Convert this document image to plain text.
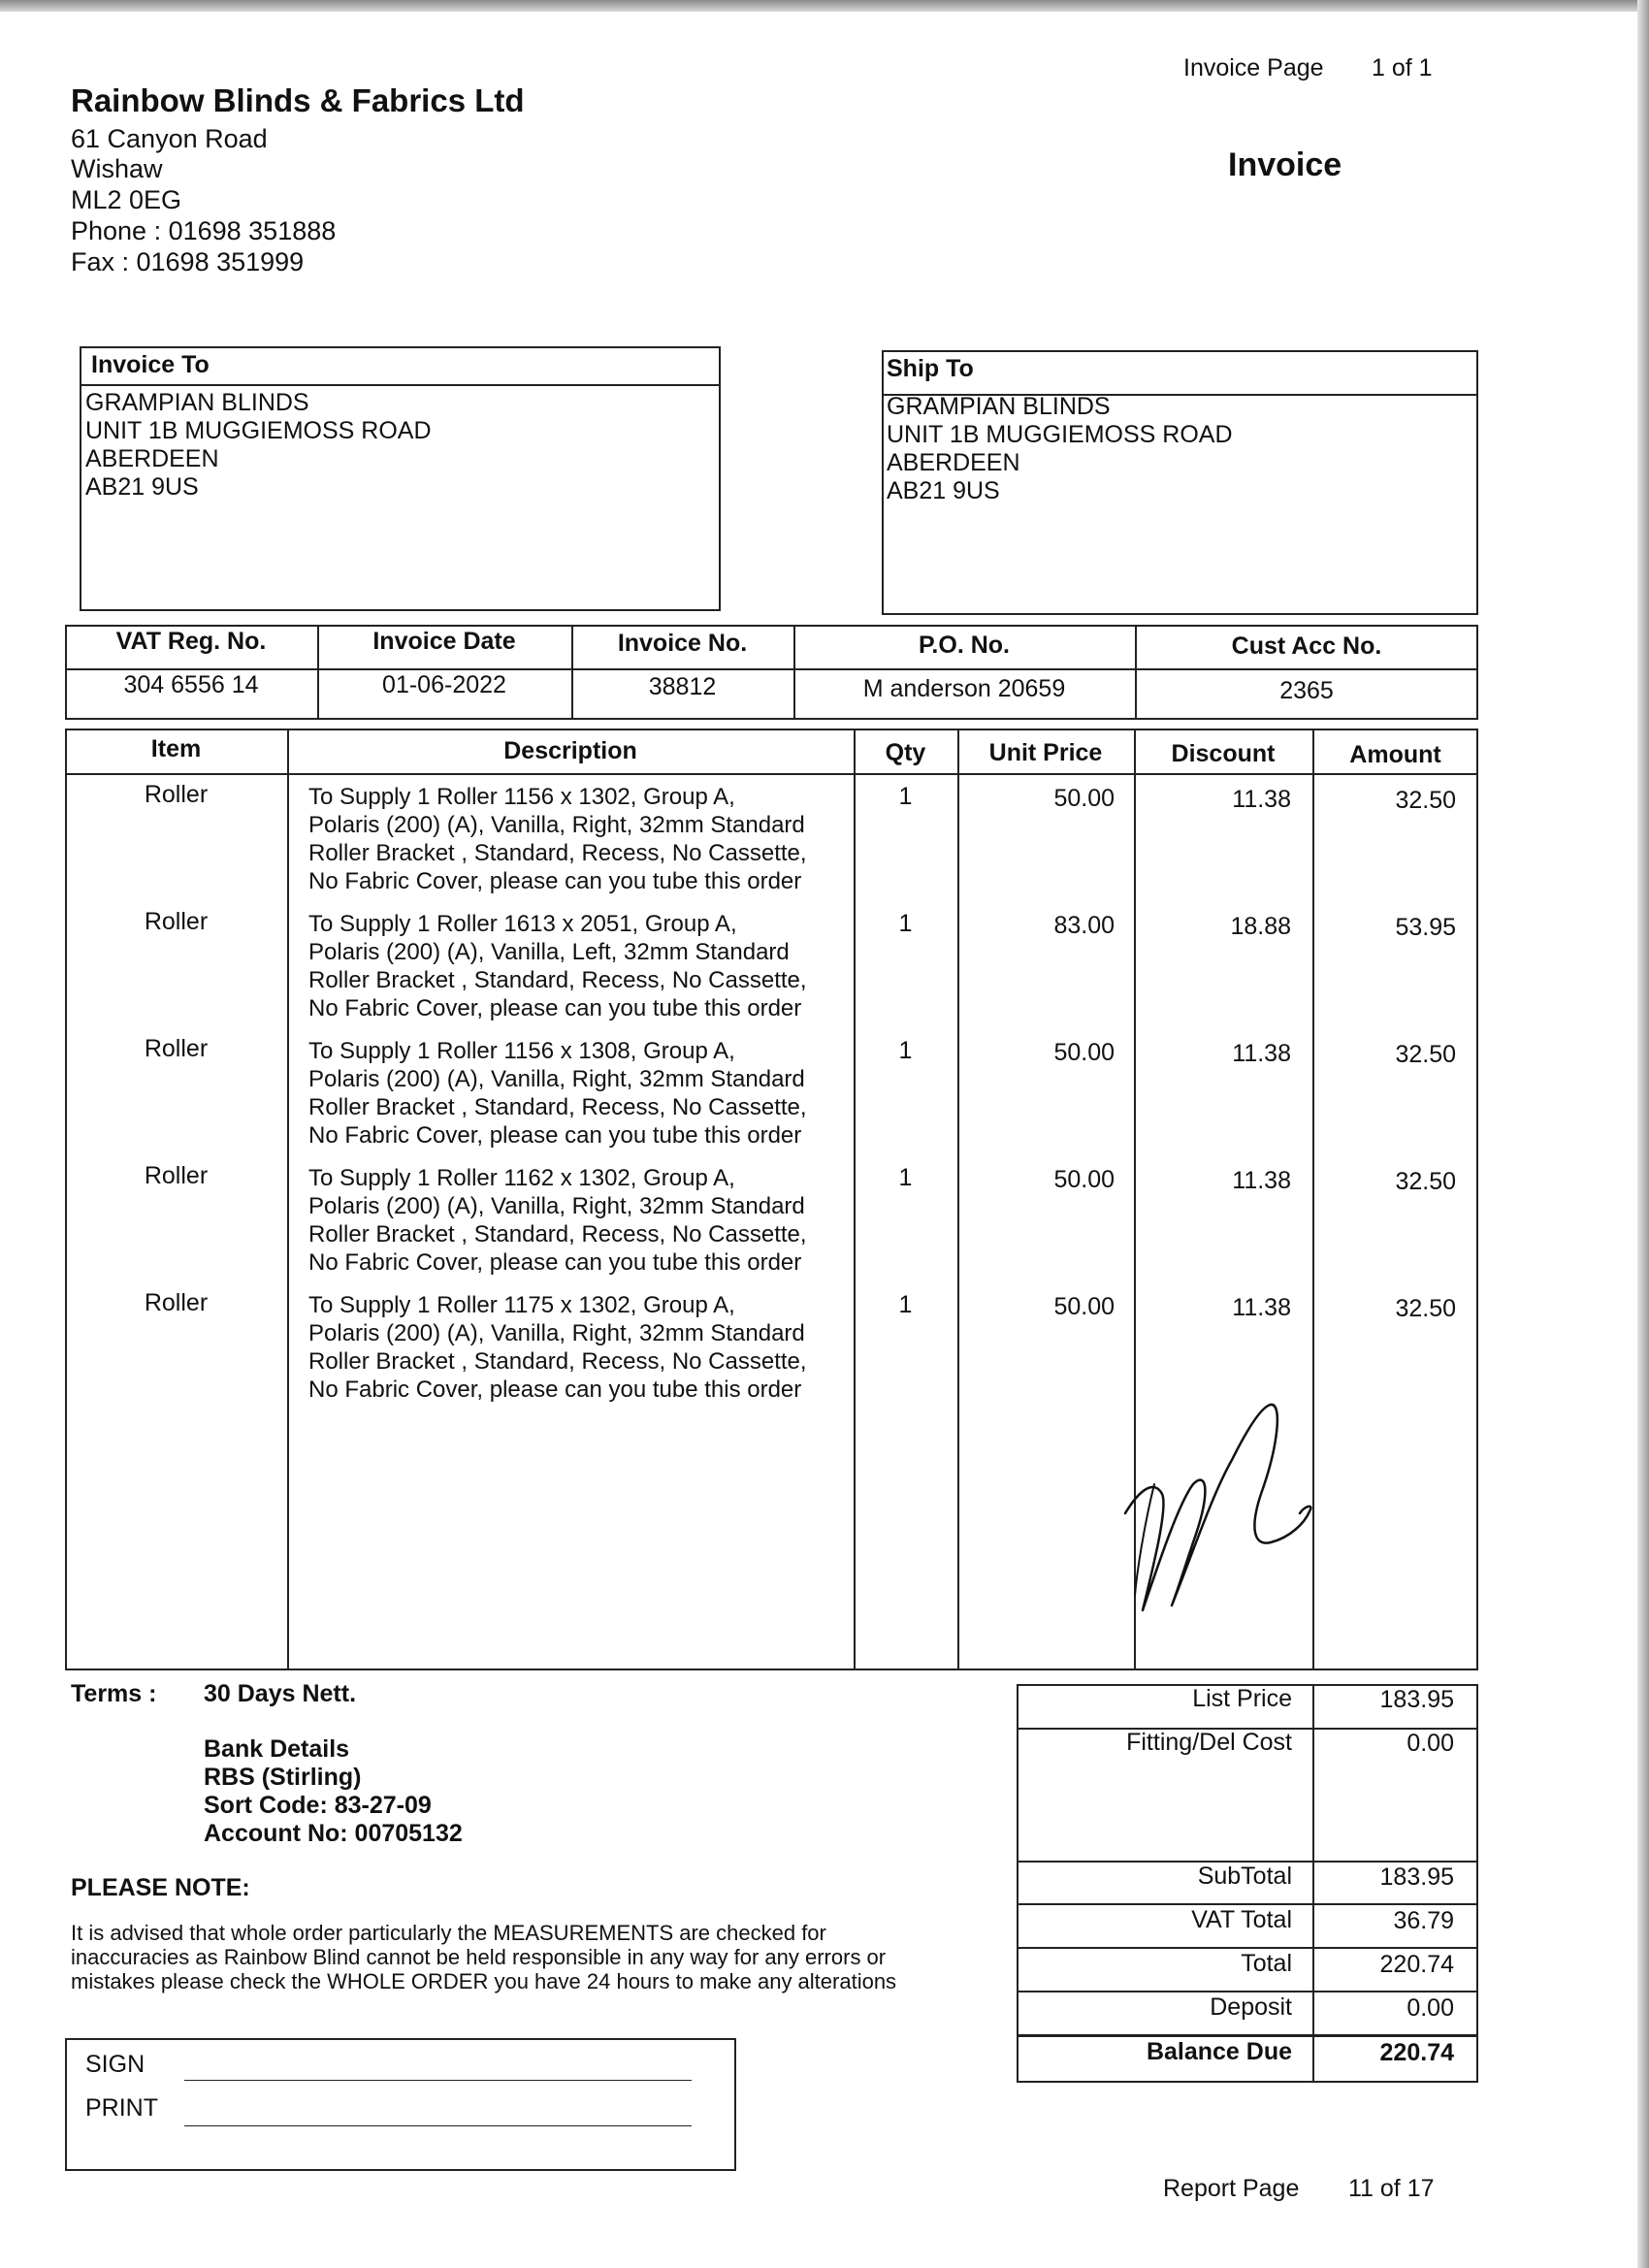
Invoice Page 1 of 1
Invoice
Rainbow Blinds & Fabrics Ltd
61 Canyon Road
Wishaw
ML2 0EG
Phone : 01698 351888
Fax : 01698 351999
Invoice To
GRAMPIAN BLINDS
UNIT 1B MUGGIEMOSS ROAD
ABERDEEN
AB21 9US
Ship To
GRAMPIAN BLINDS
UNIT 1B MUGGIEMOSS ROAD
ABERDEEN
AB21 9US
VAT Reg. No.	Invoice Date	Invoice No.	P.O. No.	Cust Acc No.
304 6556 14	01-06-2022	38812	M anderson 20659	2365
Item	Description	Qty	Unit Price	Discount	Amount
Roller	To Supply 1 Roller 1156 x 1302, Group A,
Polaris (200) (A), Vanilla, Right, 32mm Standard
Roller Bracket , Standard, Recess, No Cassette,
No Fabric Cover, please can you tube this order
1	50.00	11.38	32.50
Roller	To Supply 1 Roller 1613 x 2051, Group A,
Polaris (200) (A), Vanilla, Left, 32mm Standard
Roller Bracket , Standard, Recess, No Cassette,
No Fabric Cover, please can you tube this order
1	83.00	18.88	53.95
Roller	To Supply 1 Roller 1156 x 1308, Group A,
Polaris (200) (A), Vanilla, Right, 32mm Standard
Roller Bracket , Standard, Recess, No Cassette,
No Fabric Cover, please can you tube this order
1	50.00	11.38	32.50
Roller	To Supply 1 Roller 1162 x 1302, Group A,
Polaris (200) (A), Vanilla, Right, 32mm Standard
Roller Bracket , Standard, Recess, No Cassette,
No Fabric Cover, please can you tube this order
1	50.00	11.38	32.50
Roller	To Supply 1 Roller 1175 x 1302, Group A,
Polaris (200) (A), Vanilla, Right, 32mm Standard
Roller Bracket , Standard, Recess, No Cassette,
No Fabric Cover, please can you tube this order
1	50.00	11.38	32.50
Terms : 30 Days Nett.
Bank Details
RBS (Stirling)
Sort Code: 83-27-09
Account No: 00705132
PLEASE NOTE:
It is advised that whole order particularly the MEASUREMENTS are checked for
inaccuracies as Rainbow Blind cannot be held responsible in any way for any errors or
mistakes please check the WHOLE ORDER you have 24 hours to make any alterations
SIGN
PRINT
List Price	183.95
Fitting/Del Cost	0.00
SubTotal	183.95
VAT Total	36.79
Total	220.74
Deposit	0.00
Balance Due	220.74
Report Page 11 of 17
